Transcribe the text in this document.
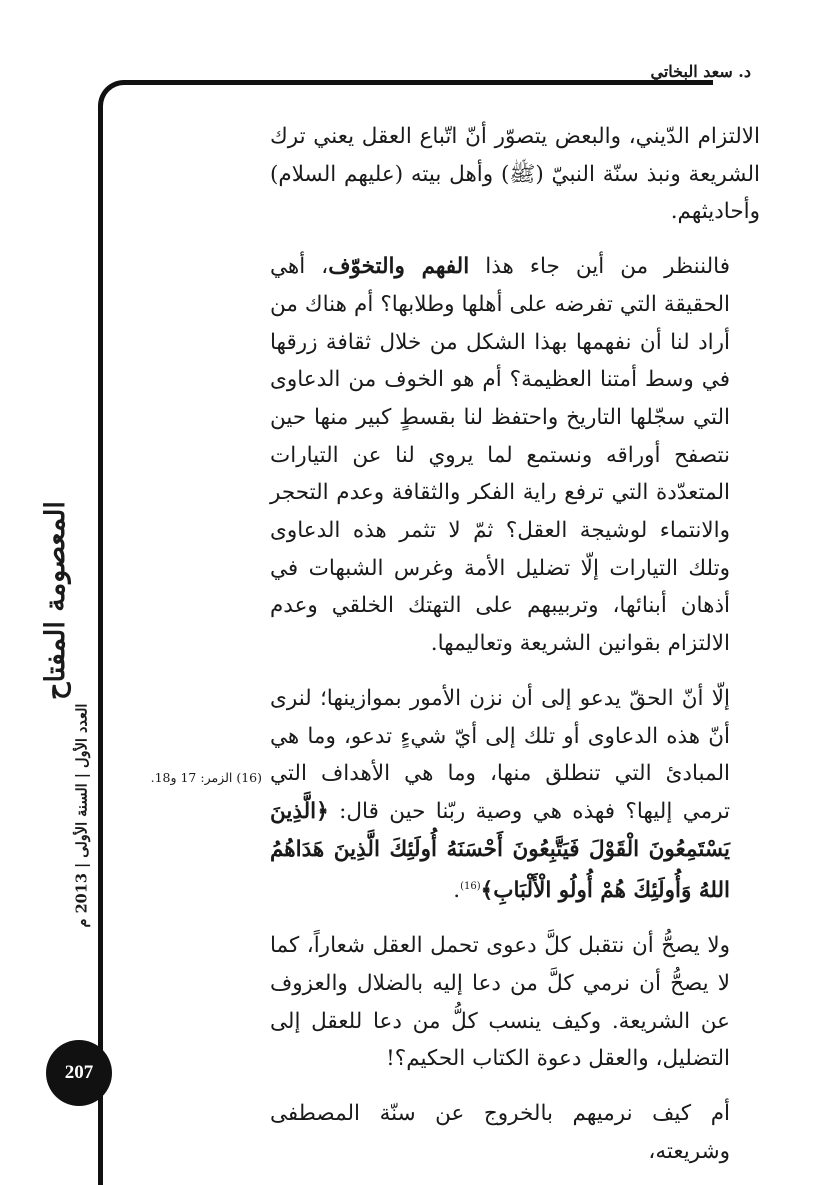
د. سعد البخاتي

الالتزام الدّيني، والبعض يتصوّر أنّ اتّباع العقل يعني ترك الشريعة ونبذ سنّة النبيّ (ﷺ) وأهل بيته (عليهم السلام) وأحاديثهم.

فالننظر من أين جاء هذا الفهم والتخوّف، أهي الحقيقة التي تفرضه على أهلها وطلابها؟ أم هناك من أراد لنا أن نفهمها بهذا الشكل من خلال ثقافة زرقها في وسط أمتنا العظيمة؟ أم هو الخوف من الدعاوى التي سجّلها التاريخ واحتفظ لنا بقسطٍ كبير منها حين نتصفح أوراقه ونستمع لما يروي لنا عن التيارات المتعدّدة التي ترفع راية الفكر والثقافة وعدم التحجر والانتماء لوشيجة العقل؟ ثمّ لا تثمر هذه الدعاوى وتلك التيارات إلّا تضليل الأمة وغرس الشبهات في أذهان أبنائها، وتربيبهم على التهتك الخلقي وعدم الالتزام بقوانين الشريعة وتعاليمها.

إلّا أنّ الحقّ يدعو إلى أن نزن الأمور بموازينها؛ لنرى أنّ هذه الدعاوى أو تلك إلى أيّ شيءٍ تدعو، وما هي المبادئ التي تنطلق منها، وما هي الأهداف التي ترمي إليها؟ فهذه هي وصية ربّنا حين قال: ﴿الَّذِينَ يَسْتَمِعُونَ الْقَوْلَ فَيَتَّبِعُونَ أَحْسَنَهُ أُولَئِكَ الَّذِينَ هَدَاهُمُ اللهُ وَأُولَئِكَ هُمْ أُولُو الْأَلْبَابِ﴾$^{(16)}$.

ولا يصحُّ أن نتقبل كلَّ دعوى تحمل العقل شعاراً، كما لا يصحُّ أن نرمي كلَّ من دعا إليه بالضلال والعزوف عن الشريعة. وكيف ينسب كلُّ من دعا للعقل إلى التضليل، والعقل دعوة الكتاب الحكيم؟!

أم كيف نرميهم بالخروج عن سنّة المصطفى وشريعته،

(16) الزمر: 17 و18.
المعصومة المفتاح
العدد الأول | السنة الأولى | 2013 م
207
